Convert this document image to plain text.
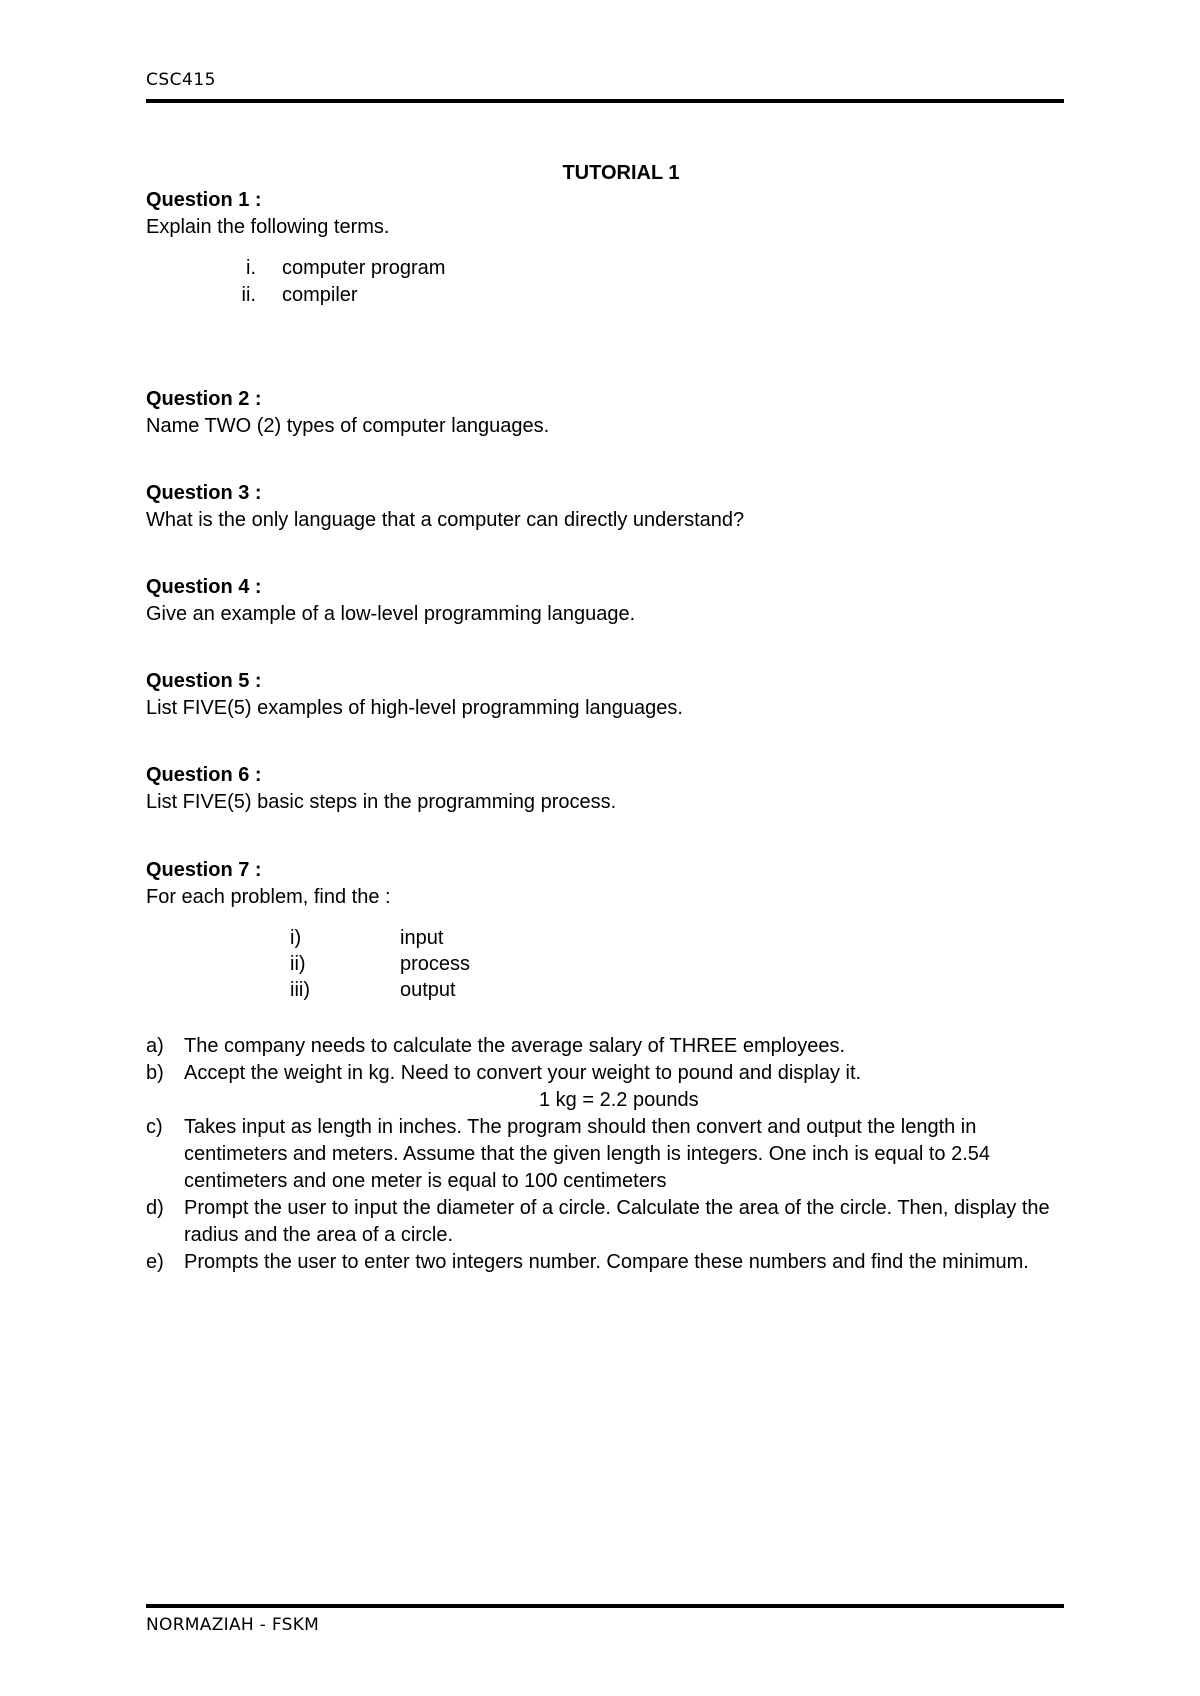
CSC415
TUTORIAL 1
Question 1 :
Explain the following terms.
i. computer program
ii. compiler
Question 2 :
Name TWO (2) types of computer languages.
Question 3 :
What is the only language that a computer can directly understand?
Question 4 :
Give an example of a low-level programming language.
Question 5 :
List FIVE(5) examples of high-level programming languages.
Question 6 :
List FIVE(5) basic steps in the programming process.
Question 7 :
For each problem, find the :
i)	input
ii)	process
iii)	output
a)	The company needs to calculate the average salary of THREE employees.
b)	Accept the weight in kg. Need to convert your weight to pound and display it.
1 kg = 2.2 pounds
c)	Takes input as length in inches. The program should then convert and output the length in centimeters and meters. Assume that the given length is integers. One inch is equal to 2.54 centimeters and one meter is equal to 100 centimeters
d)	Prompt the user to input the diameter of a circle. Calculate the area of the circle. Then, display the radius and the area of a circle.
e)	Prompts the user to enter two integers number. Compare these numbers and find the minimum.
NORMAZIAH - FSKM
